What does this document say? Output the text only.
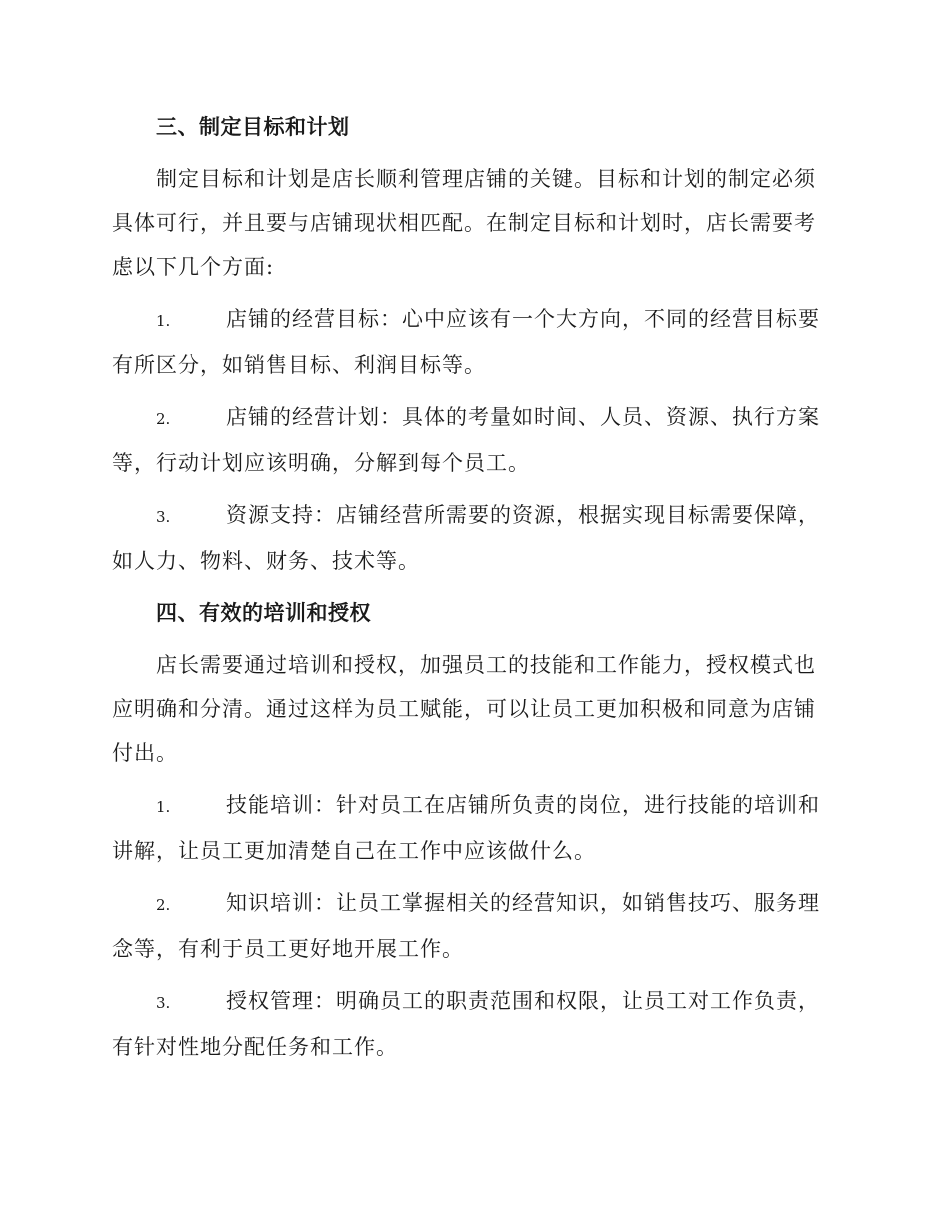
三、制定目标和计划

制定目标和计划是店长顺利管理店铺的关键。目标和计划的制定必须具体可行，并且要与店铺现状相匹配。在制定目标和计划时，店长需要考虑以下几个方面:

1.	店铺的经营目标：心中应该有一个大方向，不同的经营目标要有所区分，如销售目标、利润目标等。

2.	店铺的经营计划：具体的考量如时间、人员、资源、执行方案等，行动计划应该明确，分解到每个员工。

3.	资源支持：店铺经营所需要的资源，根据实现目标需要保障，如人力、物料、财务、技术等。

四、有效的培训和授权

店长需要通过培训和授权，加强员工的技能和工作能力，授权模式也应明确和分清。通过这样为员工赋能，可以让员工更加积极和同意为店铺付出。

1.	技能培训：针对员工在店铺所负责的岗位，进行技能的培训和讲解，让员工更加清楚自己在工作中应该做什么。

2.	知识培训：让员工掌握相关的经营知识，如销售技巧、服务理念等，有利于员工更好地开展工作。

3.	授权管理：明确员工的职责范围和权限，让员工对工作负责，有针对性地分配任务和工作。
